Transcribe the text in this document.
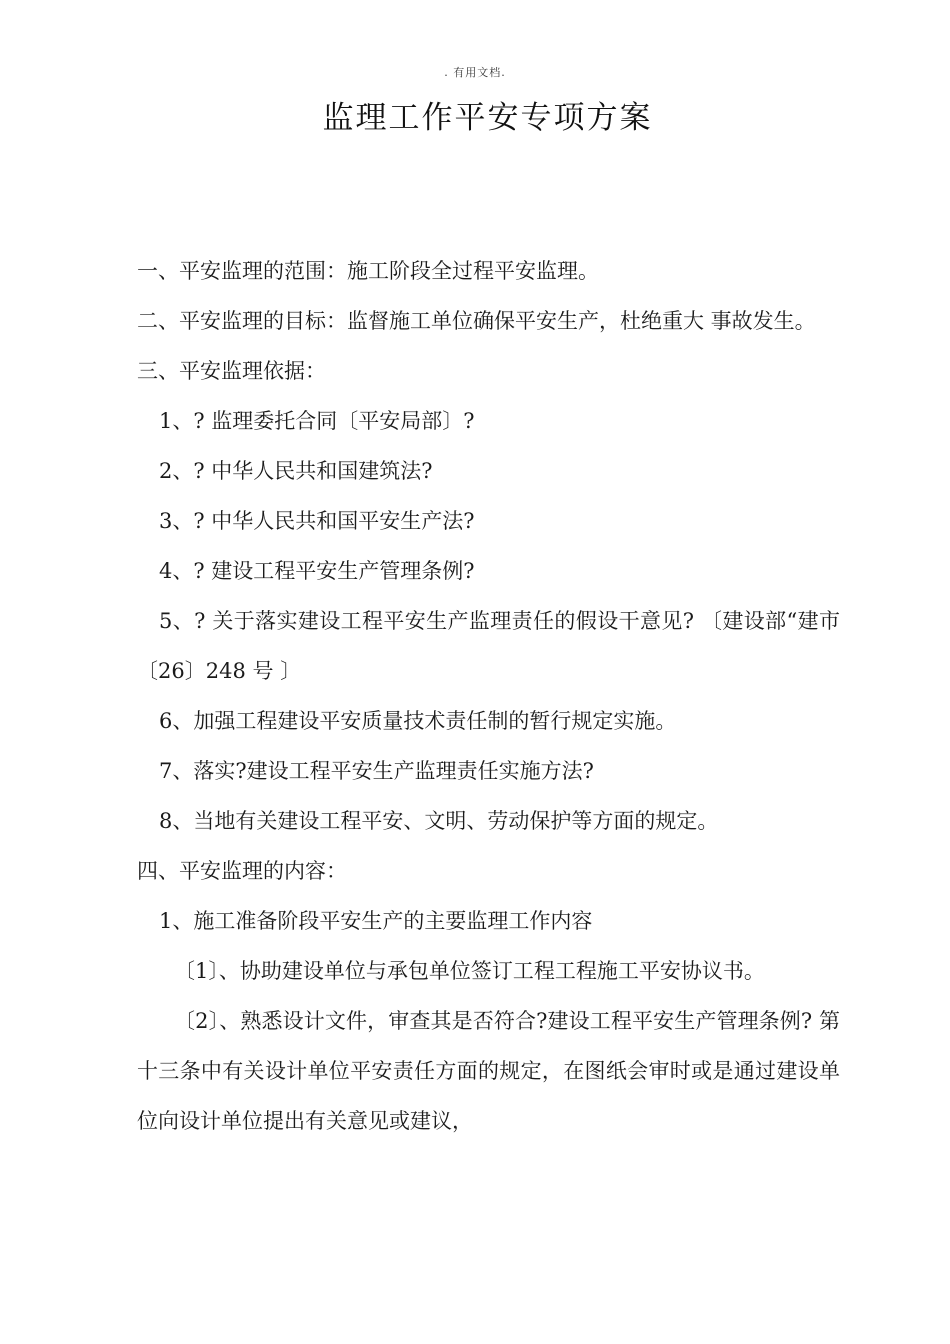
. 有用文档.
监理工作平安专项方案

一、平安监理的范围：施工阶段全过程平安监理。

二、平安监理的目标：监督施工单位确保平安生产，杜绝重大 事故发生。

三、平安监理依据：

1、? 监理委托合同〔平安局部〕?

2、? 中华人民共和国建筑法?

3、? 中华人民共和国平安生产法?

4、? 建设工程平安生产管理条例?

5、? 关于落实建设工程平安生产监理责任的假设干意见? 〔建设部“建市〔26〕248 号 〕

6、加强工程建设平安质量技术责任制的暂行规定实施。

7、落实?建设工程平安生产监理责任实施方法?

8、当地有关建设工程平安、文明、劳动保护等方面的规定。

四、平安监理的内容：

1、施工准备阶段平安生产的主要监理工作内容

〔1〕、协助建设单位与承包单位签订工程工程施工平安协议书。

〔2〕、熟悉设计文件，审查其是否符合?建设工程平安生产管理条例? 第十三条中有关设计单位平安责任方面的规定，在图纸会审时或是通过建设单位向设计单位提出有关意见或建议，
